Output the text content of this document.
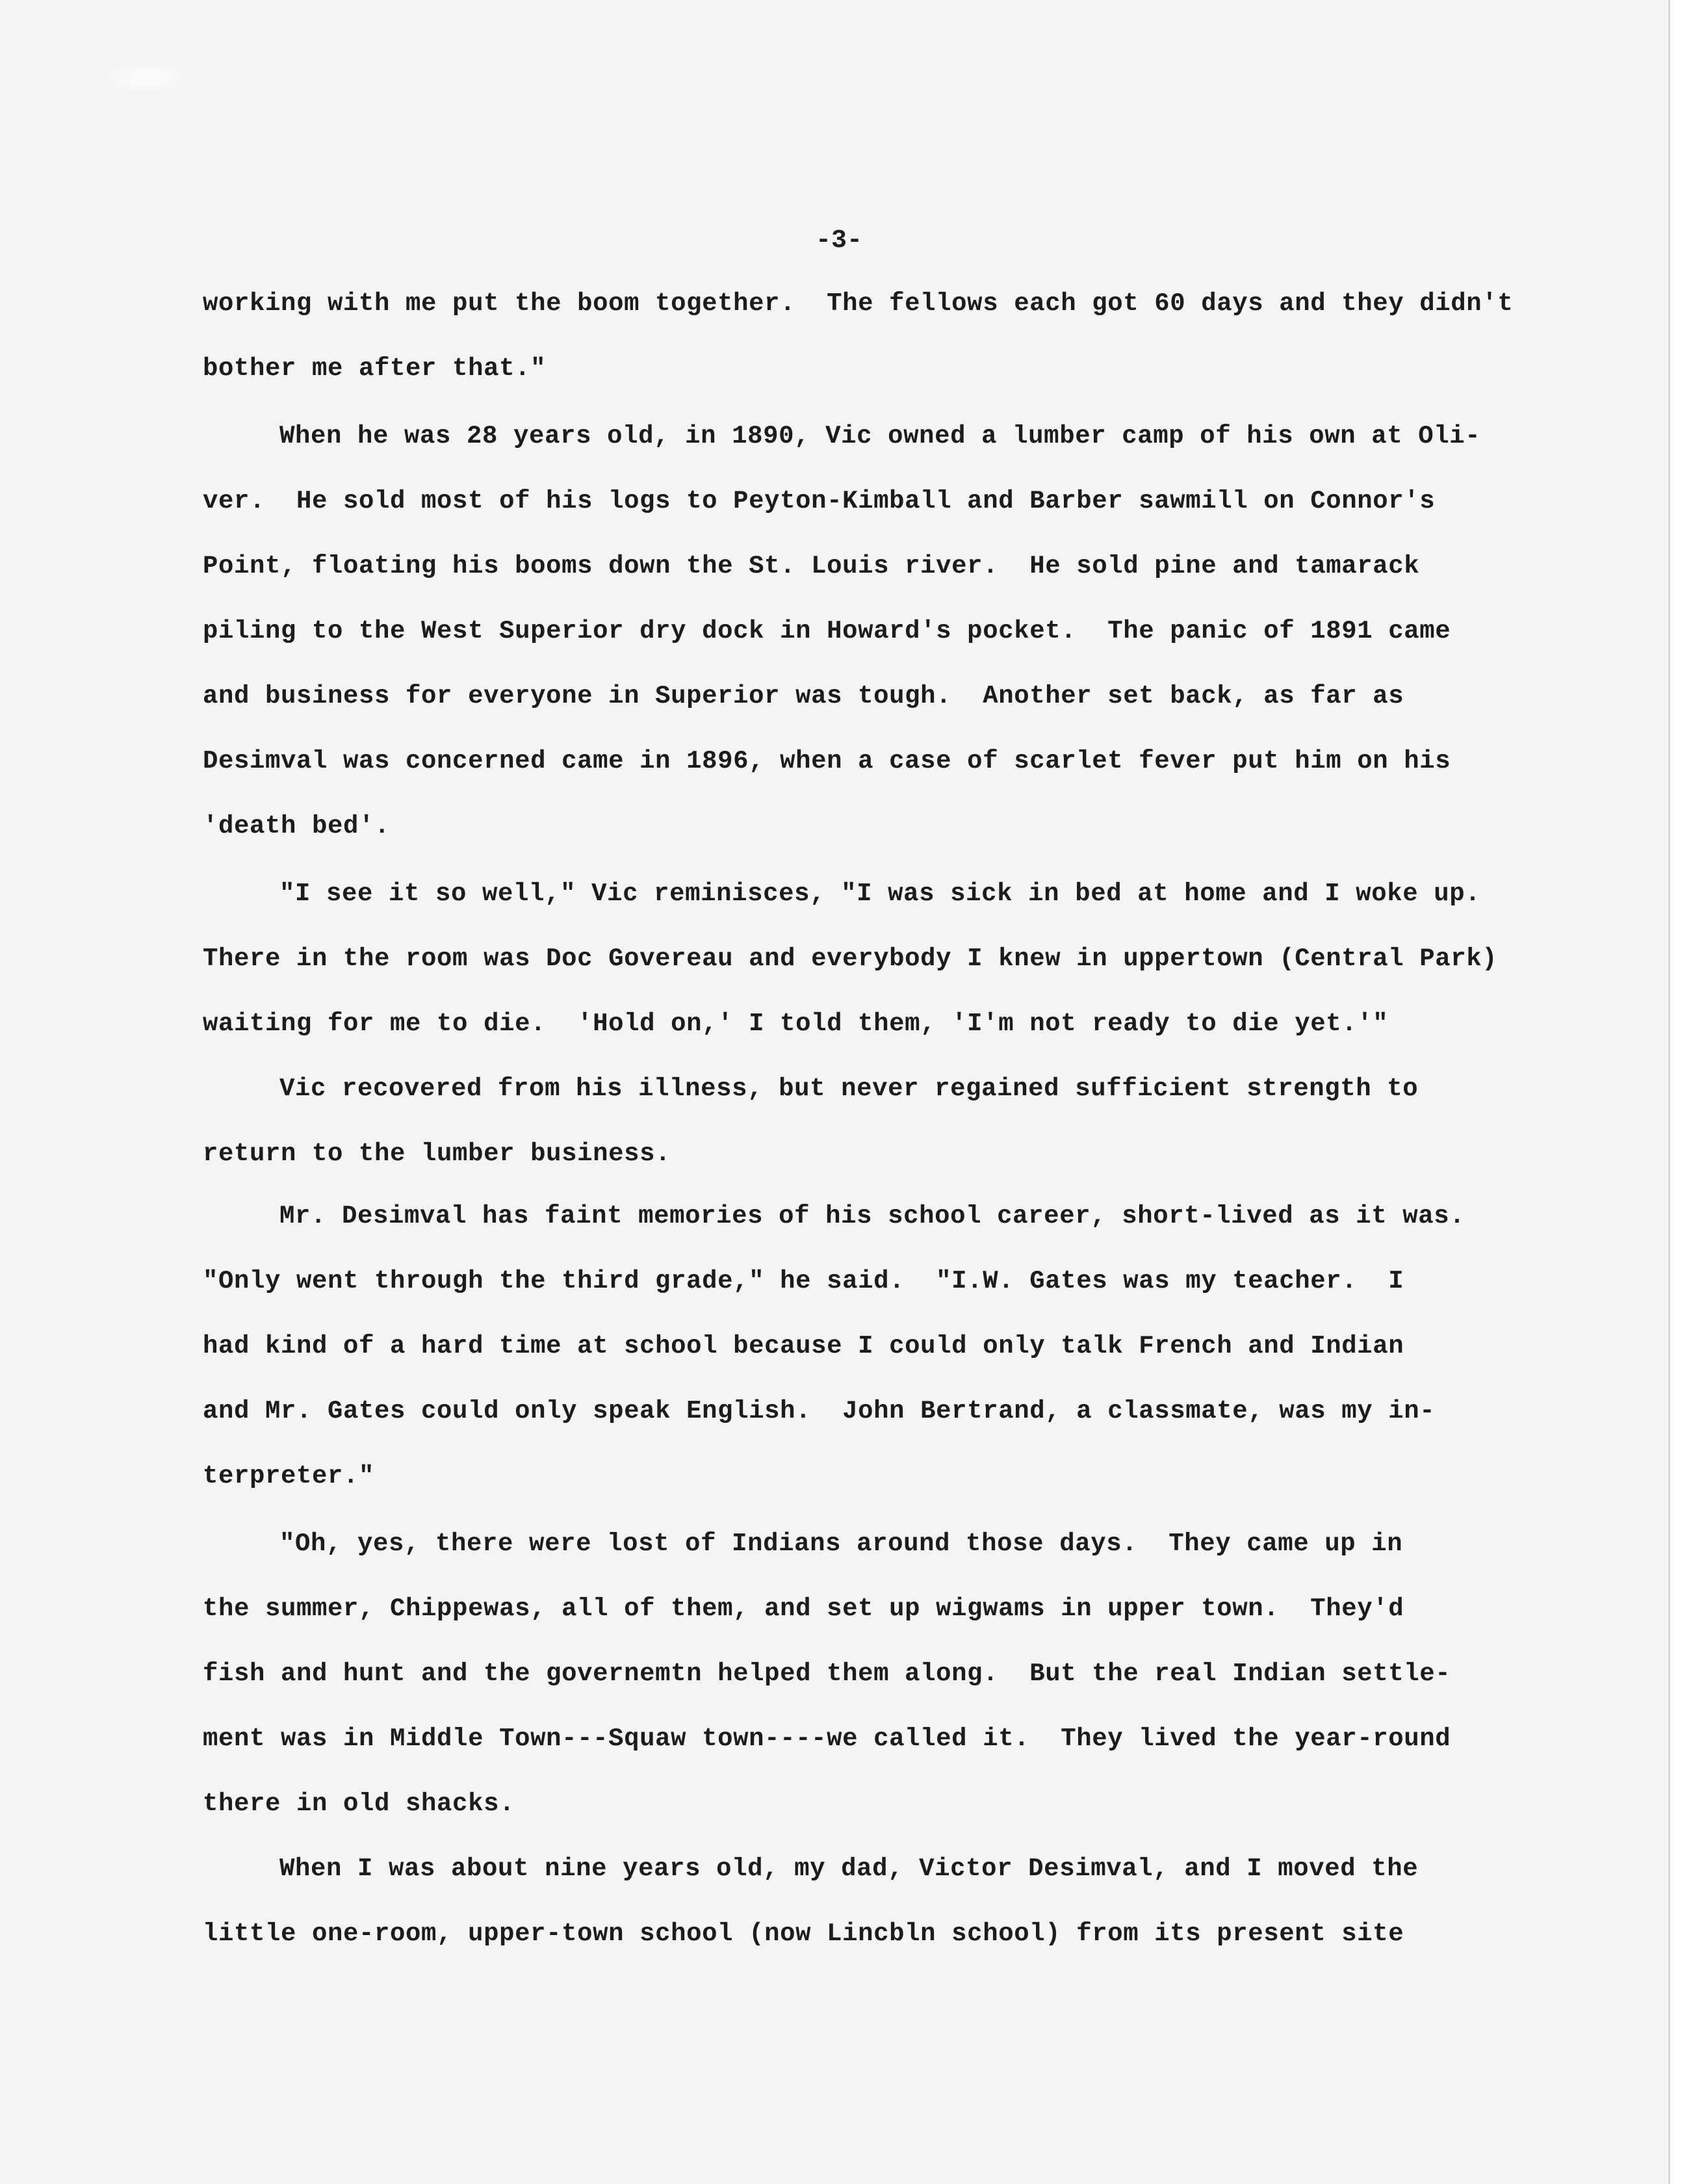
-3-
working with me put the boom together.  The fellows each got 60 days and they didn't
bother me after that."
When he was 28 years old, in 1890, Vic owned a lumber camp of his own at Oli-
ver.  He sold most of his logs to Peyton-Kimball and Barber sawmill on Connor's
Point, floating his booms down the St. Louis river.  He sold pine and tamarack
piling to the West Superior dry dock in Howard's pocket.  The panic of 1891 came
and business for everyone in Superior was tough.  Another set back, as far as
Desimval was concerned came in 1896, when a case of scarlet fever put him on his
'death bed'.
"I see it so well," Vic reminisces, "I was sick in bed at home and I woke up.
There in the room was Doc Govereau and everybody I knew in uppertown (Central Park)
waiting for me to die.  'Hold on,' I told them, 'I'm not ready to die yet.'"
Vic recovered from his illness, but never regained sufficient strength to
return to the lumber business.
Mr. Desimval has faint memories of his school career, short-lived as it was.
"Only went through the third grade," he said.  "I.W. Gates was my teacher.  I
had kind of a hard time at school because I could only talk French and Indian
and Mr. Gates could only speak English.  John Bertrand, a classmate, was my in-
terpreter."
"Oh, yes, there were lost of Indians around those days.  They came up in
the summer, Chippewas, all of them, and set up wigwams in upper town.  They'd
fish and hunt and the governemtn helped them along.  But the real Indian settle-
ment was in Middle Town---Squaw town----we called it.  They lived the year-round
there in old shacks.
When I was about nine years old, my dad, Victor Desimval, and I moved the
little one-room, upper-town school (now Lincbln school) from its present site
